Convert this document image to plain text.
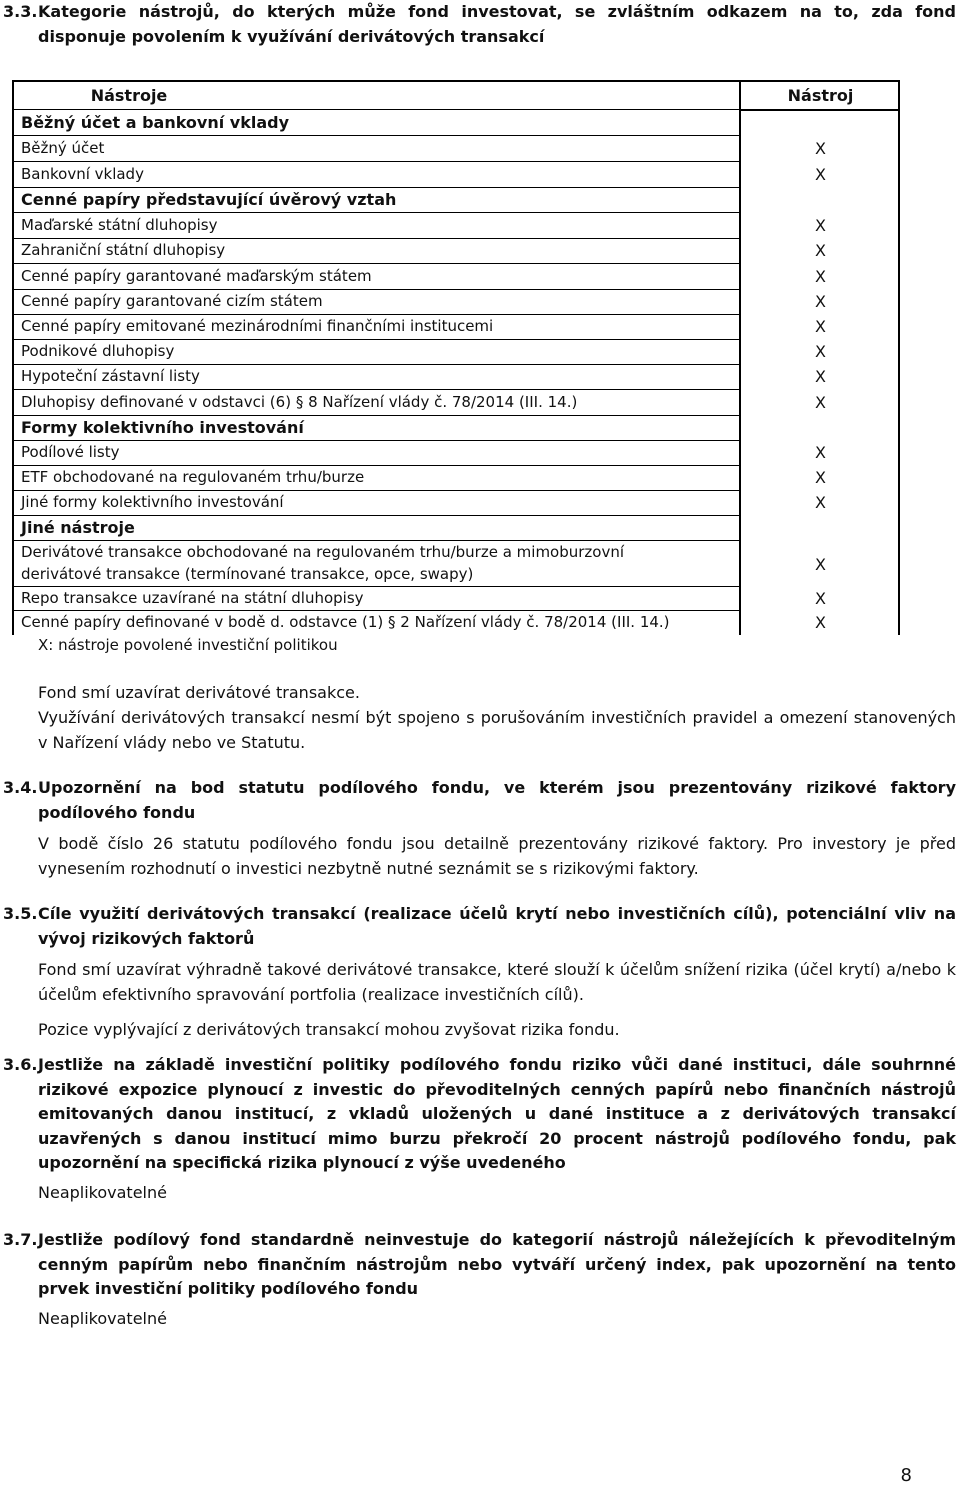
3.3. Kategorie nástrojů, do kterých může fond investovat, se zvláštním odkazem na to, zda fond disponuje povolením k využívání derivátových transakcí
Nástroje	Nástroj
Běžný účet a bankovní vklady
Běžný účet	X
Bankovní vklady	X
Cenné papíry představující úvěrový vztah
Maďarské státní dluhopisy	X
Zahraniční státní dluhopisy	X
Cenné papíry garantované maďarským státem	X
Cenné papíry garantované cizím státem	X
Cenné papíry emitované mezinárodními finančními institucemi	X
Podnikové dluhopisy	X
Hypoteční zástavní listy	X
Dluhopisy definované v odstavci (6) § 8 Nařízení vlády č. 78/2014 (III. 14.)	X
Formy kolektivního investování
Podílové listy	X
ETF obchodované na regulovaném trhu/burze	X
Jiné formy kolektivního investování	X
Jiné nástroje
Derivátové transakce obchodované na regulovaném trhu/burze a mimoburzovní
derivátové transakce (termínované transakce, opce, swapy)	X
Repo transakce uzavírané na státní dluhopisy	X
Cenné papíry definované v bodě d. odstavce (1) § 2 Nařízení vlády č. 78/2014 (III. 14.)	X
X: nástroje povolené investiční politikou
Fond smí uzavírat derivátové transakce.
Využívání derivátových transakcí nesmí být spojeno s porušováním investičních pravidel a omezení stanovených v Nařízení vlády nebo ve Statutu.
3.4. Upozornění na bod statutu podílového fondu, ve kterém jsou prezentovány rizikové faktory podílového fondu
V bodě číslo 26 statutu podílového fondu jsou detailně prezentovány rizikové faktory. Pro investory je před vynesením rozhodnutí o investici nezbytně nutné seznámit se s rizikovými faktory.
3.5. Cíle využití derivátových transakcí (realizace účelů krytí nebo investičních cílů), potenciální vliv na vývoj rizikových faktorů
Fond smí uzavírat výhradně takové derivátové transakce, které slouží k účelům snížení rizika (účel krytí) a/nebo k účelům efektivního spravování portfolia (realizace investičních cílů).
Pozice vyplývající z derivátových transakcí mohou zvyšovat rizika fondu.
3.6. Jestliže na základě investiční politiky podílového fondu riziko vůči dané instituci, dále souhrnné rizikové expozice plynoucí z investic do převoditelných cenných papírů nebo finančních nástrojů emitovaných danou institucí, z vkladů uložených u dané instituce a z derivátových transakcí uzavřených s danou institucí mimo burzu překročí 20 procent nástrojů podílového fondu, pak upozornění na specifická rizika plynoucí z výše uvedeného
Neaplikovatelné
3.7. Jestliže podílový fond standardně neinvestuje do kategorií nástrojů náležejících k převoditelným cenným papírům nebo finančním nástrojům nebo vytváří určený index, pak upozornění na tento prvek investiční politiky podílového fondu
Neaplikovatelné
8
